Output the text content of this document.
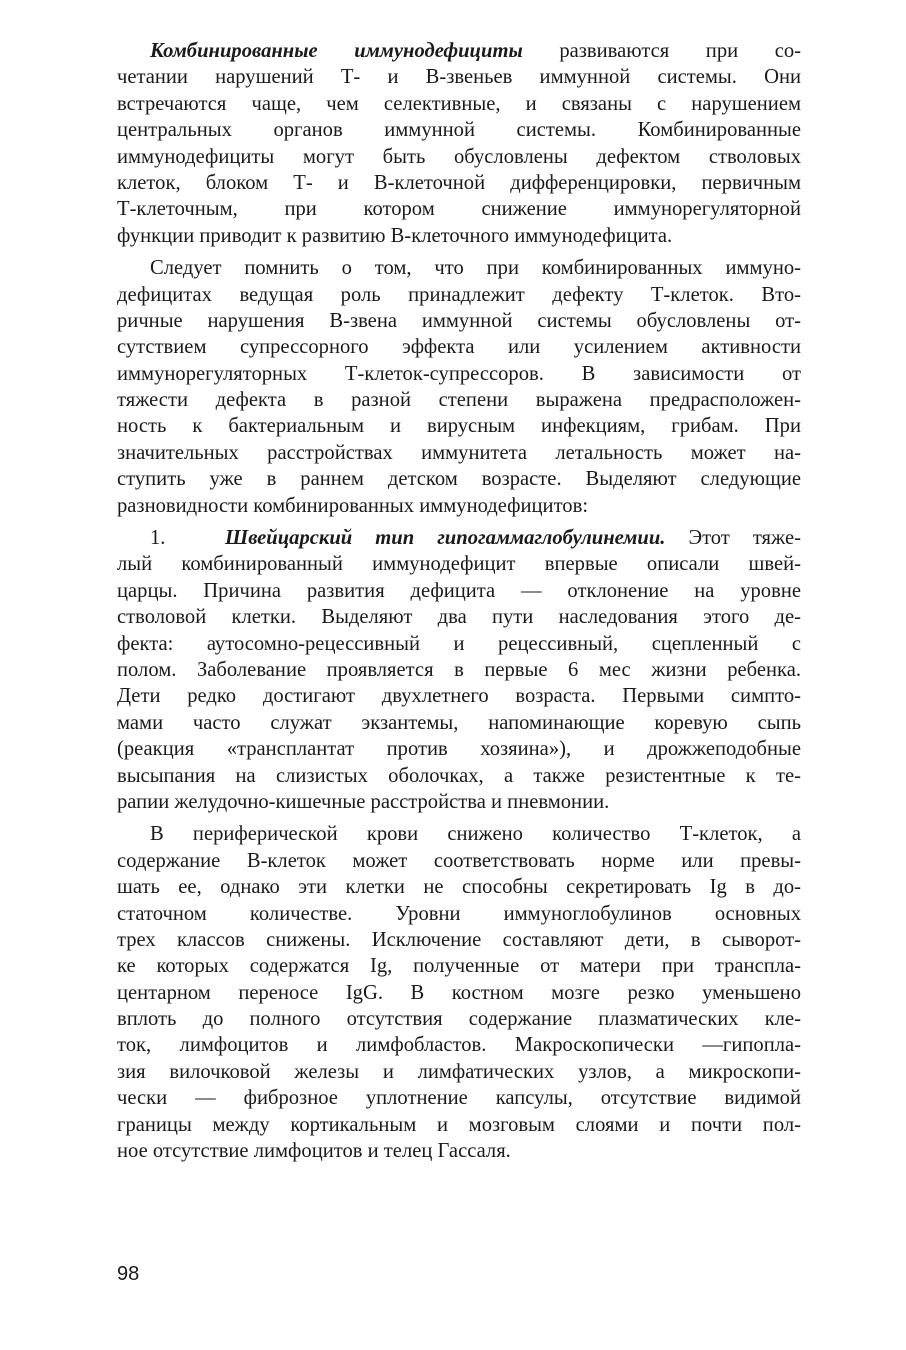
Комбинированные иммунодефициты развиваются при со-
четании нарушений Т- и В-звеньев иммунной системы. Они
встречаются чаще, чем селективные, и связаны с нарушением
центральных органов иммунной системы. Комбинированные
иммунодефициты могут быть обусловлены дефектом стволовых
клеток, блоком Т- и В-клеточной дифференцировки, первичным
Т-клеточным, при котором снижение иммунорегуляторной
функции приводит к развитию В-клеточного иммунодефицита.
Следует помнить о том, что при комбинированных иммуно-
дефицитах ведущая роль принадлежит дефекту Т-клеток. Вто-
ричные нарушения В-звена иммунной системы обусловлены от-
сутствием супрессорного эффекта или усилением активности
иммунорегуляторных Т-клеток-супрессоров. В зависимости от
тяжести дефекта в разной степени выражена предрасположен-
ность к бактериальным и вирусным инфекциям, грибам. При
значительных расстройствах иммунитета летальность может на-
ступить уже в раннем детском возрасте. Выделяют следующие
разновидности комбинированных иммунодефицитов:
1.	Швейцарский тип гипогаммаглобулинемии. Этот тяже-
лый комбинированный иммунодефицит впервые описали швей-
царцы. Причина развития дефицита — отклонение на уровне
стволовой клетки. Выделяют два пути наследования этого де-
фекта: аутосомно-рецессивный и рецессивный, сцепленный с
полом. Заболевание проявляется в первые 6 мес жизни ребенка.
Дети редко достигают двухлетнего возраста. Первыми симпто-
мами часто служат экзантемы, напоминающие коревую сыпь
(реакция «трансплантат против хозяина»), и дрожжеподобные
высыпания на слизистых оболочках, а также резистентные к те-
рапии желудочно-кишечные расстройства и пневмонии.
В периферической крови снижено количество Т-клеток, а
содержание В-клеток может соответствовать норме или превы-
шать ее, однако эти клетки не способны секретировать Ig в до-
статочном количестве. Уровни иммуноглобулинов основных
трех классов снижены. Исключение составляют дети, в сыворот-
ке которых содержатся Ig, полученные от матери при транспла-
центарном переносе IgG. В костном мозге резко уменьшено
вплоть до полного отсутствия содержание плазматических кле-
ток, лимфоцитов и лимфобластов. Макроскопически —гипопла-
зия вилочковой железы и лимфатических узлов, а микроскопи-
чески — фиброзное уплотнение капсулы, отсутствие видимой
границы между кортикальным и мозговым слоями и почти пол-
ное отсутствие лимфоцитов и телец Гассаля.
98
